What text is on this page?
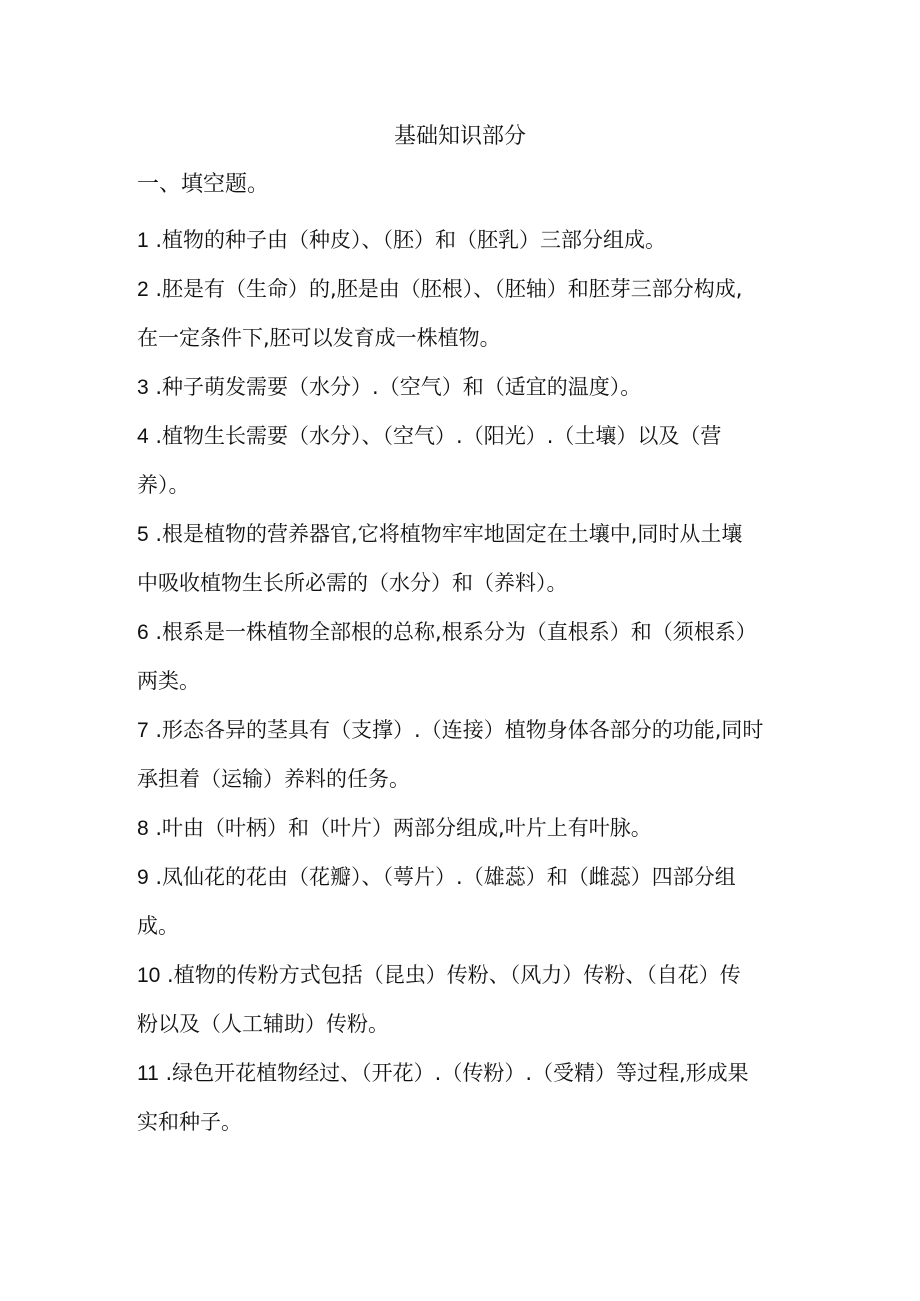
基础知识部分
一、填空题。

1 .植物的种子由（种皮）、（胚）和（胚乳）三部分组成。

2 .胚是有（生命）的,胚是由（胚根）、（胚轴）和胚芽三部分构成,

在一定条件下,胚可以发育成一株植物。

3 .种子萌发需要（水分）.（空气）和（适宜的温度）。

4 .植物生长需要（水分）、（空气）.（阳光）.（土壤）以及（营

养）。

5 .根是植物的营养器官,它将植物牢牢地固定在土壤中,同时从土壤

中吸收植物生长所必需的（水分）和（养料）。

6 .根系是一株植物全部根的总称,根系分为（直根系）和（须根系）

两类。

7 .形态各异的茎具有（支撑）.（连接）植物身体各部分的功能,同时

承担着（运输）养料的任务。

8 .叶由（叶柄）和（叶片）两部分组成,叶片上有叶脉。

9 .凤仙花的花由（花瓣）、（萼片）.（雄蕊）和（雌蕊）四部分组

成。

10 .植物的传粉方式包括（昆虫）传粉、（风力）传粉、（自花）传

粉以及（人工辅助）传粉。

11 .绿色开花植物经过、（开花）.（传粉）.（受精）等过程,形成果

实和种子。
